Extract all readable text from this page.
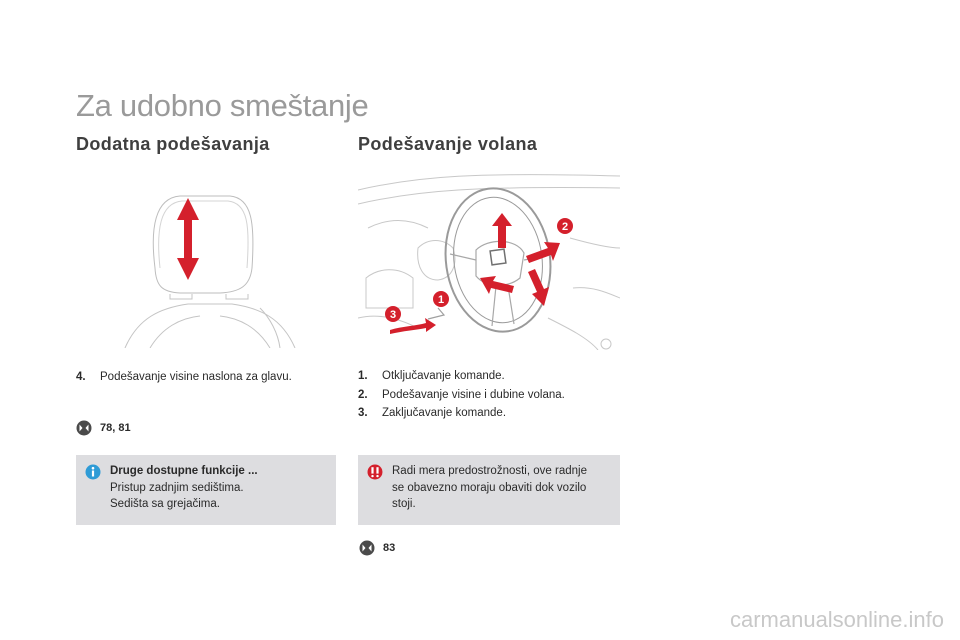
Za udobno smeštanje
Dodatna podešavanja	Podešavanje volana
1
2
3
4.	Podešavanje visine naslona za glavu.	1.	Otključavanje komande.
2.	Podešavanje visine i dubine volana.
3.	Zaključavanje komande.
78, 81
Druge dostupne funkcije ...
Pristup zadnjim sedištima.
Sedišta sa grejačima.
Radi mera predostrožnosti, ove radnje
se obavezno moraju obaviti dok vozilo
stoji.
83
carmanualsonline.info
